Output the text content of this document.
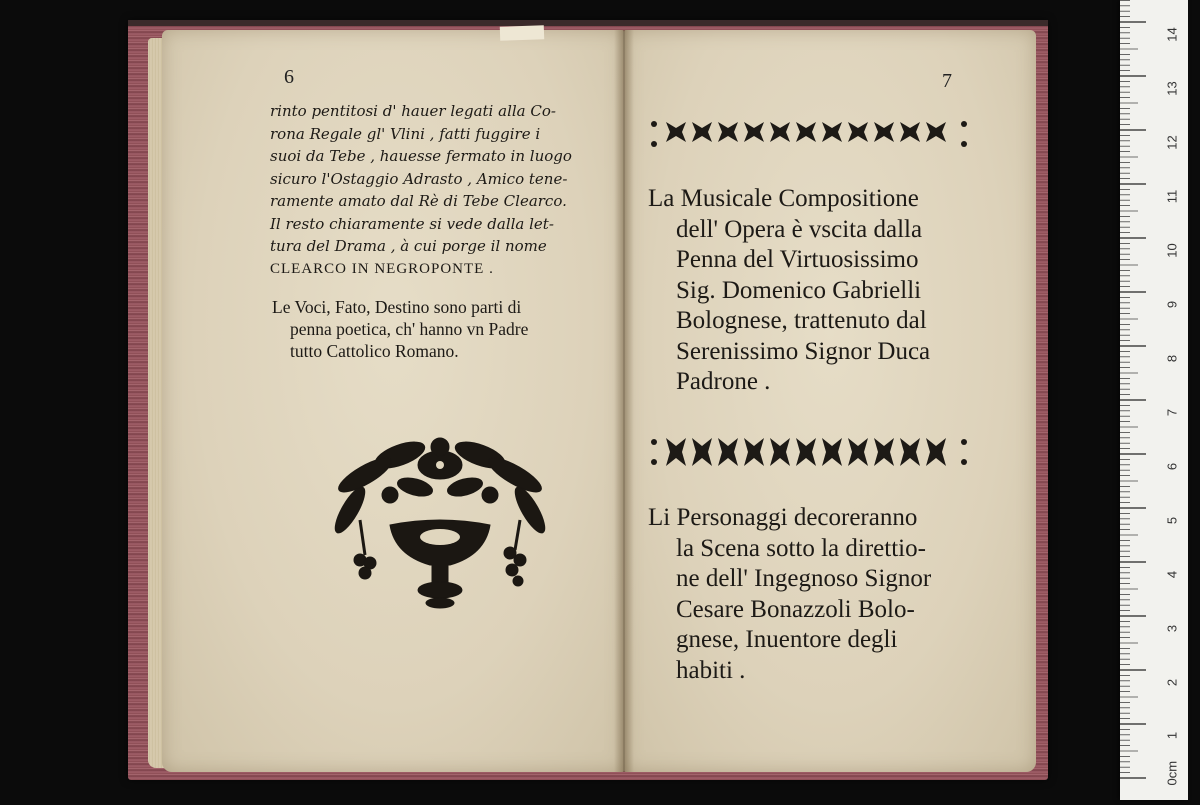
6
rinto pentitosi d' hauer legati alla Co-
rona Regale gl' Vlini , fatti fuggire i
suoi da Tebe , hauesse fermato in luogo
sicuro l'Ostaggio Adrasto , Amico tene-
ramente amato dal Rè di Tebe Clearco.
Il resto chiaramente si vede dalla let-
tura del Drama , à cui porge il nome
CLEARCO IN NEGROPONTE .
Le Voci, Fato, Destino sono parti di
penna poetica, ch' hanno vn Padre
tutto Cattolico Romano.
7
La Musicale Compositione
dell' Opera è vscita dalla
Penna del Virtuosissimo
Sig. Domenico Gabrielli
Bolognese, trattenuto dal
Serenissimo Signor Duca
Padrone .
Li Personaggi decoreranno
la Scena sotto la direttio-
ne dell' Ingegnoso Signor
Cesare Bonazzoli Bolo-
gnese, Inuentore degli
habiti .
0cm
1
2
3
4
5
6
7
8
9
10
11
12
13
14
